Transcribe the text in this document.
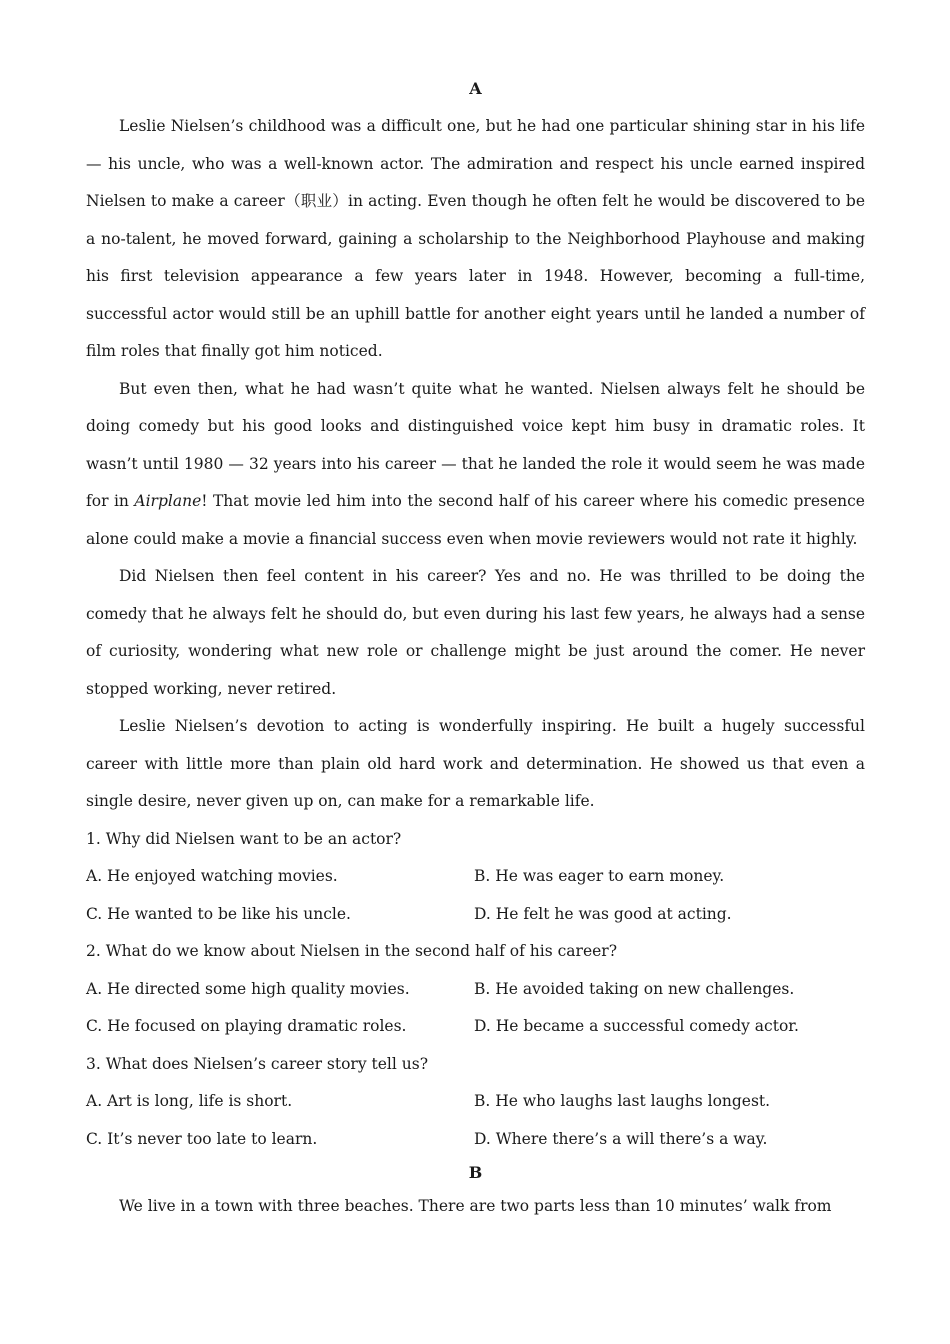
A

Leslie Nielsen’s childhood was a difficult one, but he had one particular shining star in his life — his uncle, who was a well-known actor. The admiration and respect his uncle earned inspired Nielsen to make a career（职业）in acting. Even though he often felt he would be discovered to be a no-talent, he moved forward, gaining a scholarship to the Neighborhood Playhouse and making his first television appearance a few years later in 1948. However, becoming a full-time, successful actor would still be an uphill battle for another eight years until he landed a number of film roles that finally got him noticed.

But even then, what he had wasn’t quite what he wanted. Nielsen always felt he should be doing comedy but his good looks and distinguished voice kept him busy in dramatic roles. It wasn’t until 1980 — 32 years into his career — that he landed the role it would seem he was made for in Airplane! That movie led him into the second half of his career where his comedic presence alone could make a movie a financial success even when movie reviewers would not rate it highly.

Did Nielsen then feel content in his career? Yes and no. He was thrilled to be doing the comedy that he always felt he should do, but even during his last few years, he always had a sense of curiosity, wondering what new role or challenge might be just around the comer. He never stopped working, never retired.

Leslie Nielsen’s devotion to acting is wonderfully inspiring. He built a hugely successful career with little more than plain old hard work and determination. He showed us that even a single desire, never given up on, can make for a remarkable life.

1. Why did Nielsen want to be an actor?
A. He enjoyed watching movies.	B. He was eager to earn money.
C. He wanted to be like his uncle.	D. He felt he was good at acting.
2. What do we know about Nielsen in the second half of his career?
A. He directed some high quality movies.	B. He avoided taking on new challenges.
C. He focused on playing dramatic roles.	D. He became a successful comedy actor.
3. What does Nielsen’s career story tell us?
A. Art is long, life is short.	B. He who laughs last laughs longest.
C. It’s never too late to learn.	D. Where there’s a will there’s a way.
B

We live in a town with three beaches. There are two parts less than 10 minutes’ walk from
